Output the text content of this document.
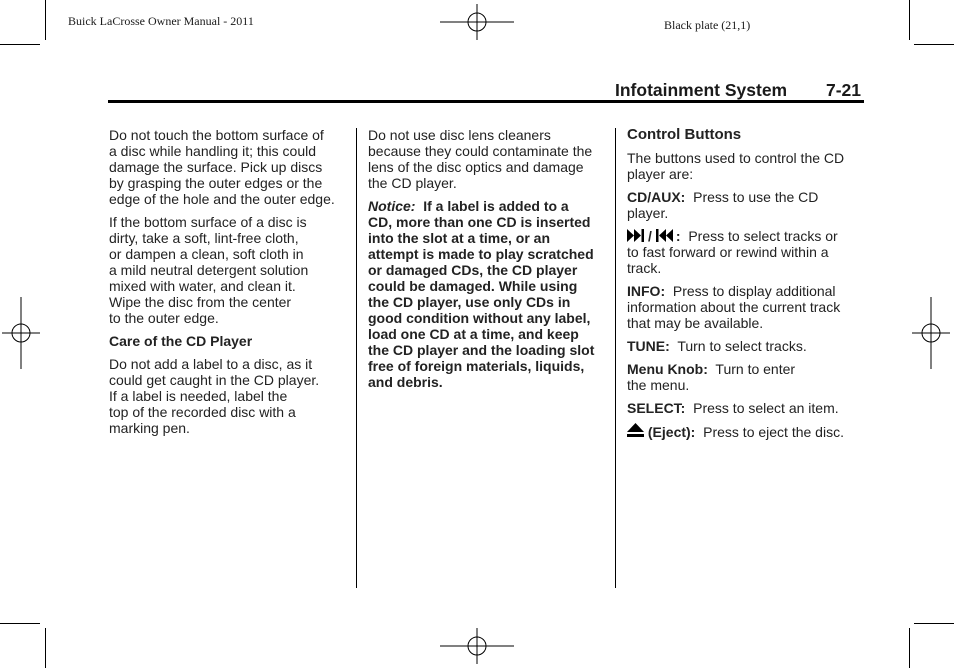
Buick LaCrosse Owner Manual - 2011	Black plate (21,1)
Infotainment System 7-21

Do not touch the bottom surface of
a disc while handling it; this could
damage the surface. Pick up discs
by grasping the outer edges or the
edge of the hole and the outer edge.

If the bottom surface of a disc is
dirty, take a soft, lint-free cloth,
or dampen a clean, soft cloth in
a mild neutral detergent solution
mixed with water, and clean it.
Wipe the disc from the center
to the outer edge.

Care of the CD Player

Do not add a label to a disc, as it
could get caught in the CD player.
If a label is needed, label the
top of the recorded disc with a
marking pen.

Do not use disc lens cleaners
because they could contaminate the
lens of the disc optics and damage
the CD player.

Notice: If a label is added to a
CD, more than one CD is inserted
into the slot at a time, or an
attempt is made to play scratched
or damaged CDs, the CD player
could be damaged. While using
the CD player, use only CDs in
good condition without any label,
load one CD at a time, and keep
the CD player and the loading slot
free of foreign materials, liquids,
and debris.

Control Buttons

The buttons used to control the CD
player are:

CD/AUX: Press to use the CD
player.

/ : Press to select tracks or
to fast forward or rewind within a
track.

INFO: Press to display additional
information about the current track
that may be available.

TUNE: Turn to select tracks.

Menu Knob: Turn to enter
the menu.

SELECT: Press to select an item.

(Eject): Press to eject the disc.
